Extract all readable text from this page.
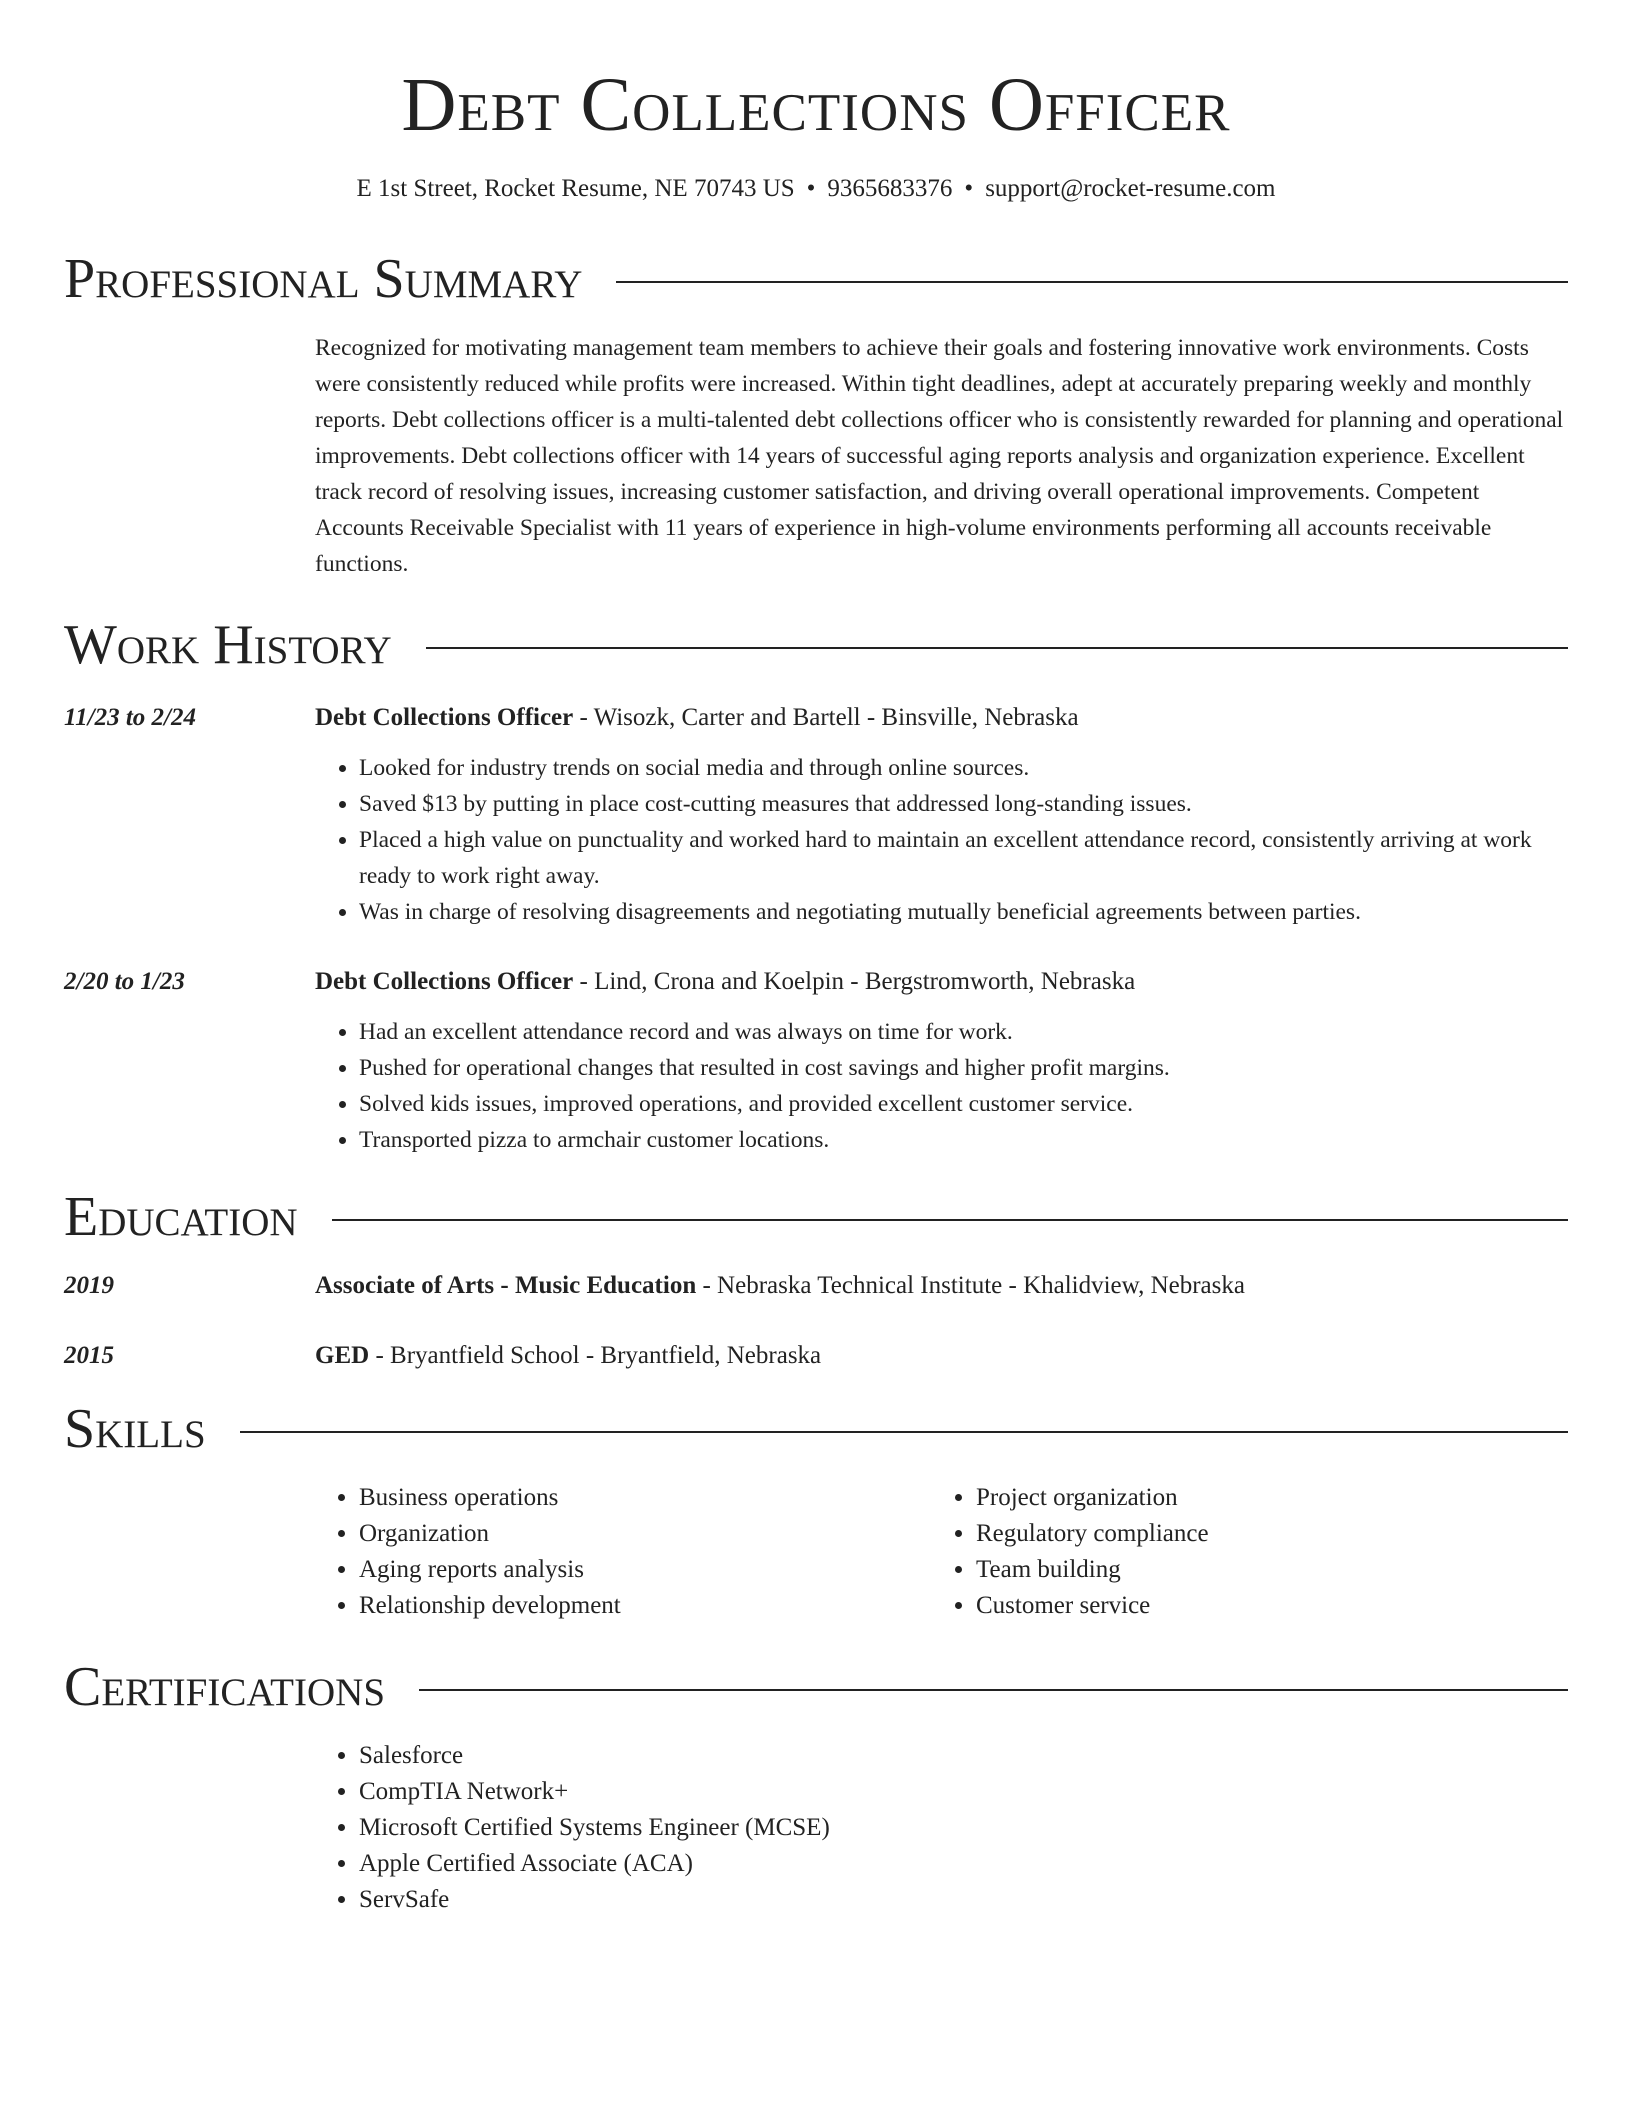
Debt Collections Officer
E 1st Street, Rocket Resume, NE 70743 US • 9365683376 • support@rocket-resume.com
Professional Summary

Recognized for motivating management team members to achieve their goals and fostering innovative work environments. Costs were consistently reduced while profits were increased. Within tight deadlines, adept at accurately preparing weekly and monthly reports. Debt collections officer is a multi-talented debt collections officer who is consistently rewarded for planning and operational improvements. Debt collections officer with 14 years of successful aging reports analysis and organization experience. Excellent track record of resolving issues, increasing customer satisfaction, and driving overall operational improvements. Competent Accounts Receivable Specialist with 11 years of experience in high-volume environments performing all accounts receivable functions.

Work History
11/23 to 2/24	Debt Collections Officer - Wisozk, Carter and Bartell - Binsville, Nebraska
• Looked for industry trends on social media and through online sources.
• Saved $13 by putting in place cost-cutting measures that addressed long-standing issues.
• Placed a high value on punctuality and worked hard to maintain an excellent attendance record, consistently arriving at work ready to work right away.
• Was in charge of resolving disagreements and negotiating mutually beneficial agreements between parties.
2/20 to 1/23	Debt Collections Officer - Lind, Crona and Koelpin - Bergstromworth, Nebraska
• Had an excellent attendance record and was always on time for work.
• Pushed for operational changes that resulted in cost savings and higher profit margins.
• Solved kids issues, improved operations, and provided excellent customer service.
• Transported pizza to armchair customer locations.
Education
2019	Associate of Arts - Music Education - Nebraska Technical Institute - Khalidview, Nebraska
2015	GED - Bryantfield School - Bryantfield, Nebraska
Skills
• Business operations
• Organization
• Aging reports analysis
• Relationship development
• Project organization
• Regulatory compliance
• Team building
• Customer service
Certifications
• Salesforce
• CompTIA Network+
• Microsoft Certified Systems Engineer (MCSE)
• Apple Certified Associate (ACA)
• ServSafe
